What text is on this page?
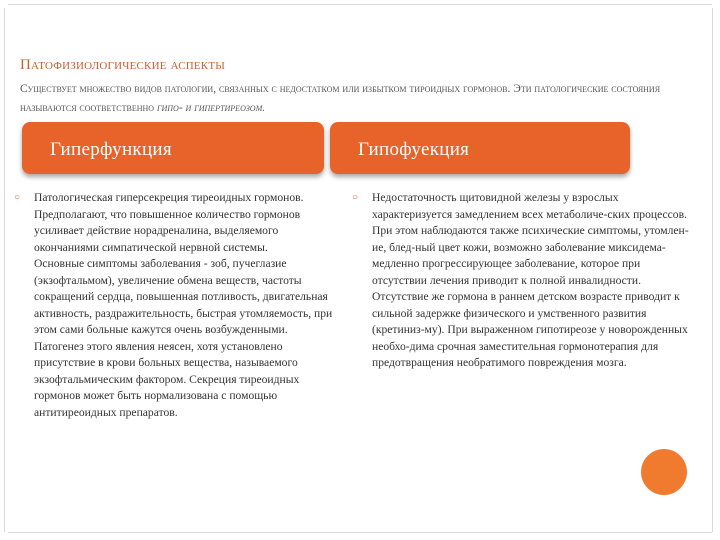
Патофизиологические аспекты
Существует множество видов патологии, связанных с недостатком или избытком тироидных гормонов. Эти патологические состояния называются соответственно гипо- и гипертиреозом.
Гиперфункция	Гипофуекция
○	Патологическая гиперсекреция тиреоидных гормонов.
Предполагают, что повышенное количество гормонов усиливает действие норадреналина, выделяемого окончаниями симпатической нервной системы.
Основные симптомы заболевания - зоб, пучеглазие (экзофтальмом), увеличение обмена веществ, частоты сокращений сердца, повышенная потливость, двигательная активность, раздражительность, быстрая утомляемость, при этом сами больные кажутся очень возбужденными.
Патогенез этого явления неясен, хотя установлено присутствие в крови больных вещества, называемого экзофтальмическим фактором. Секреция тиреоидных гормонов может быть нормализована с помощью антитиреоидных препаратов.

○	Недостаточность щитовидной железы у взрослых характеризуется замедлением всех метаболиче-ских процессов. При этом наблюдаются также психические симптомы, утомлен-ие, блед-ный цвет кожи, возможно заболевание миксидема- медленно прогрессирующее заболевание, которое при отсутствии лечения приводит к полной инвалидности. Отсутствие же гормона в раннем детском возрасте приводит к сильной задержке физического и умственного развития (кретиниз-му). При выраженном гипотиреозе у новорожденных необхо-дима срочная заместительная гормонотерапия для предотвращения необратимого повреждения мозга.
